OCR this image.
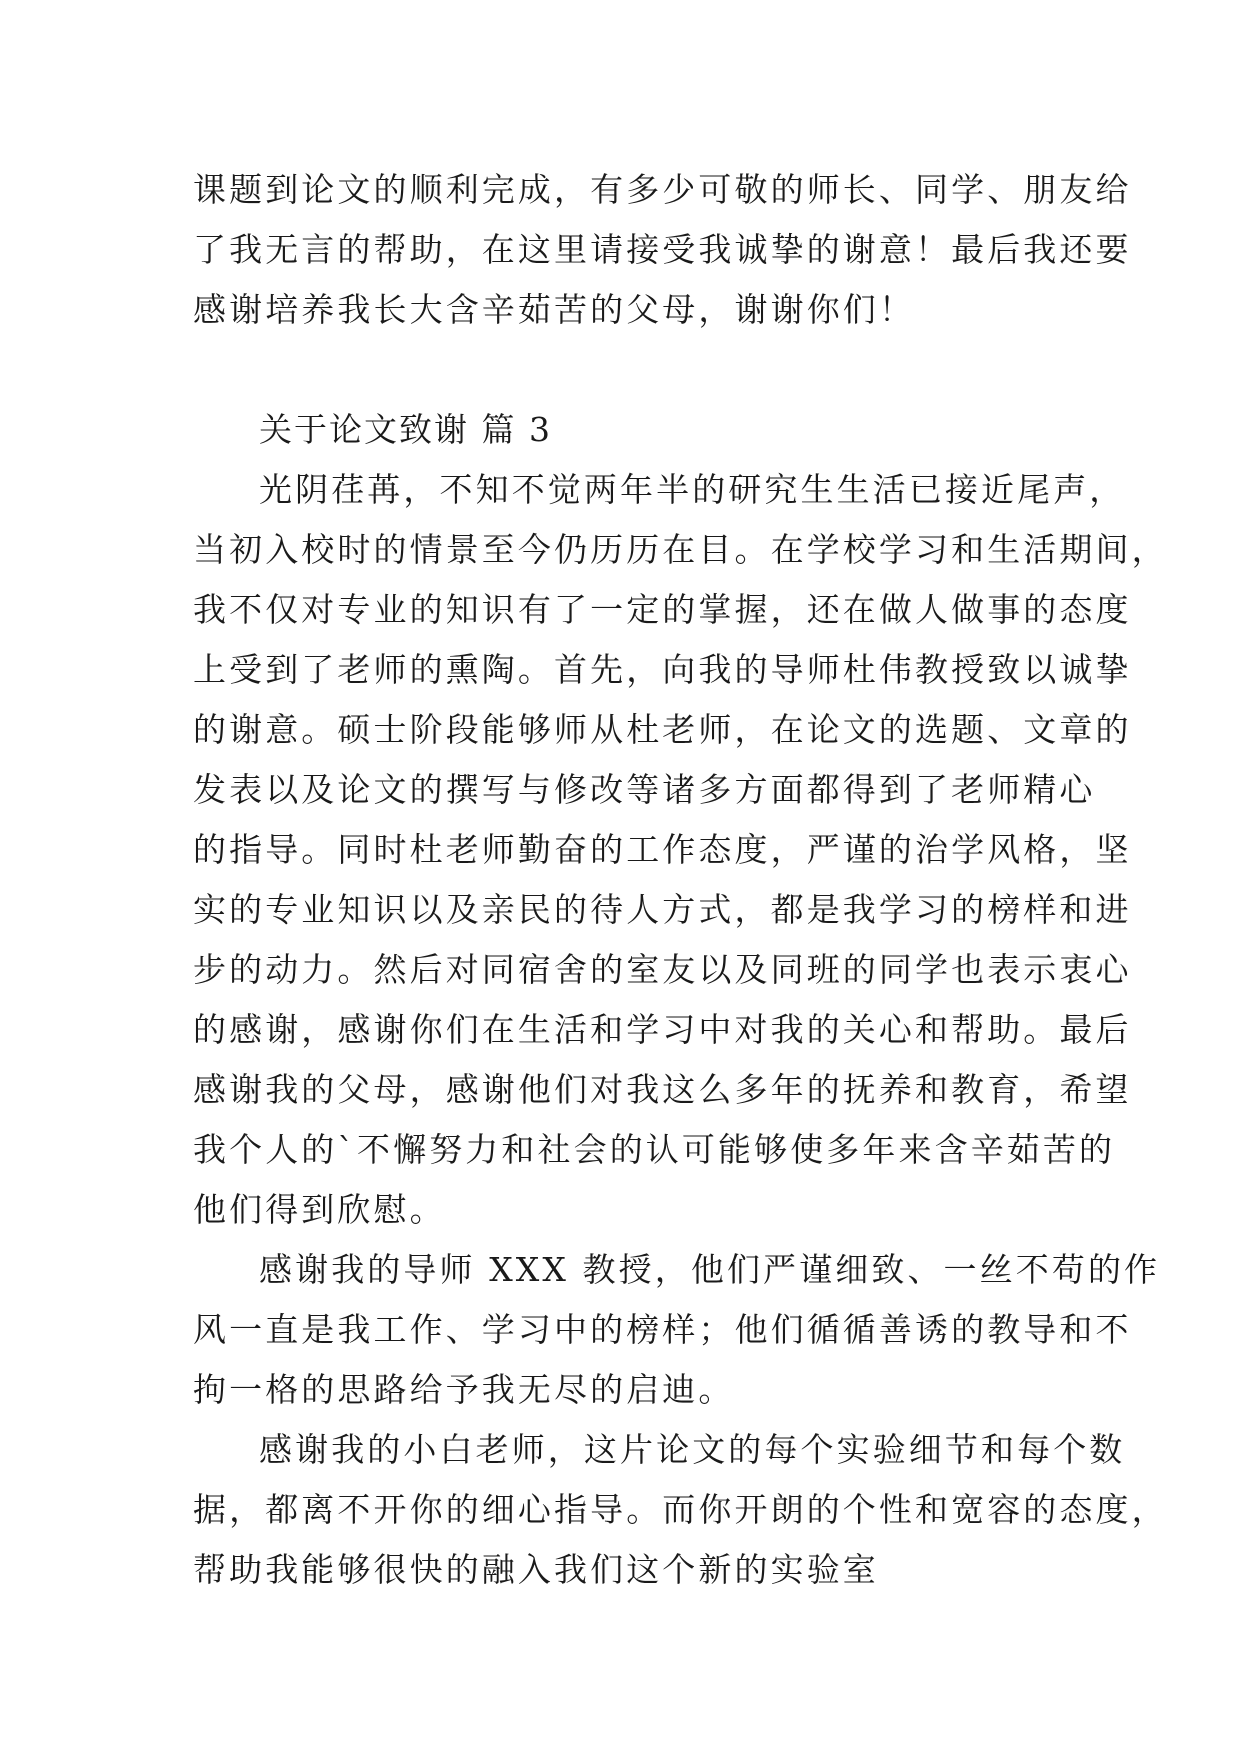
课题到论文的顺利完成，有多少可敬的师长、同学、朋友给
了我无言的帮助，在这里请接受我诚挚的谢意！最后我还要
感谢培养我长大含辛茹苦的父母，谢谢你们！
关于论文致谢 篇 3
光阴荏苒，不知不觉两年半的研究生生活已接近尾声，
当初入校时的情景至今仍历历在目。在学校学习和生活期间，
我不仅对专业的知识有了一定的掌握，还在做人做事的态度
上受到了老师的熏陶。首先，向我的导师杜伟教授致以诚挚
的谢意。硕士阶段能够师从杜老师，在论文的选题、文章的
发表以及论文的撰写与修改等诸多方面都得到了老师精心
的指导。同时杜老师勤奋的工作态度，严谨的治学风格，坚
实的专业知识以及亲民的待人方式，都是我学习的榜样和进
步的动力。然后对同宿舍的室友以及同班的同学也表示衷心
的感谢，感谢你们在生活和学习中对我的关心和帮助。最后
感谢我的父母，感谢他们对我这么多年的抚养和教育，希望
我个人的`不懈努力和社会的认可能够使多年来含辛茹苦的
他们得到欣慰。
感谢我的导师 XXX 教授，他们严谨细致、一丝不苟的作
风一直是我工作、学习中的榜样；他们循循善诱的教导和不
拘一格的思路给予我无尽的启迪。
感谢我的小白老师，这片论文的每个实验细节和每个数
据，都离不开你的细心指导。而你开朗的个性和宽容的态度，
帮助我能够很快的融入我们这个新的实验室
